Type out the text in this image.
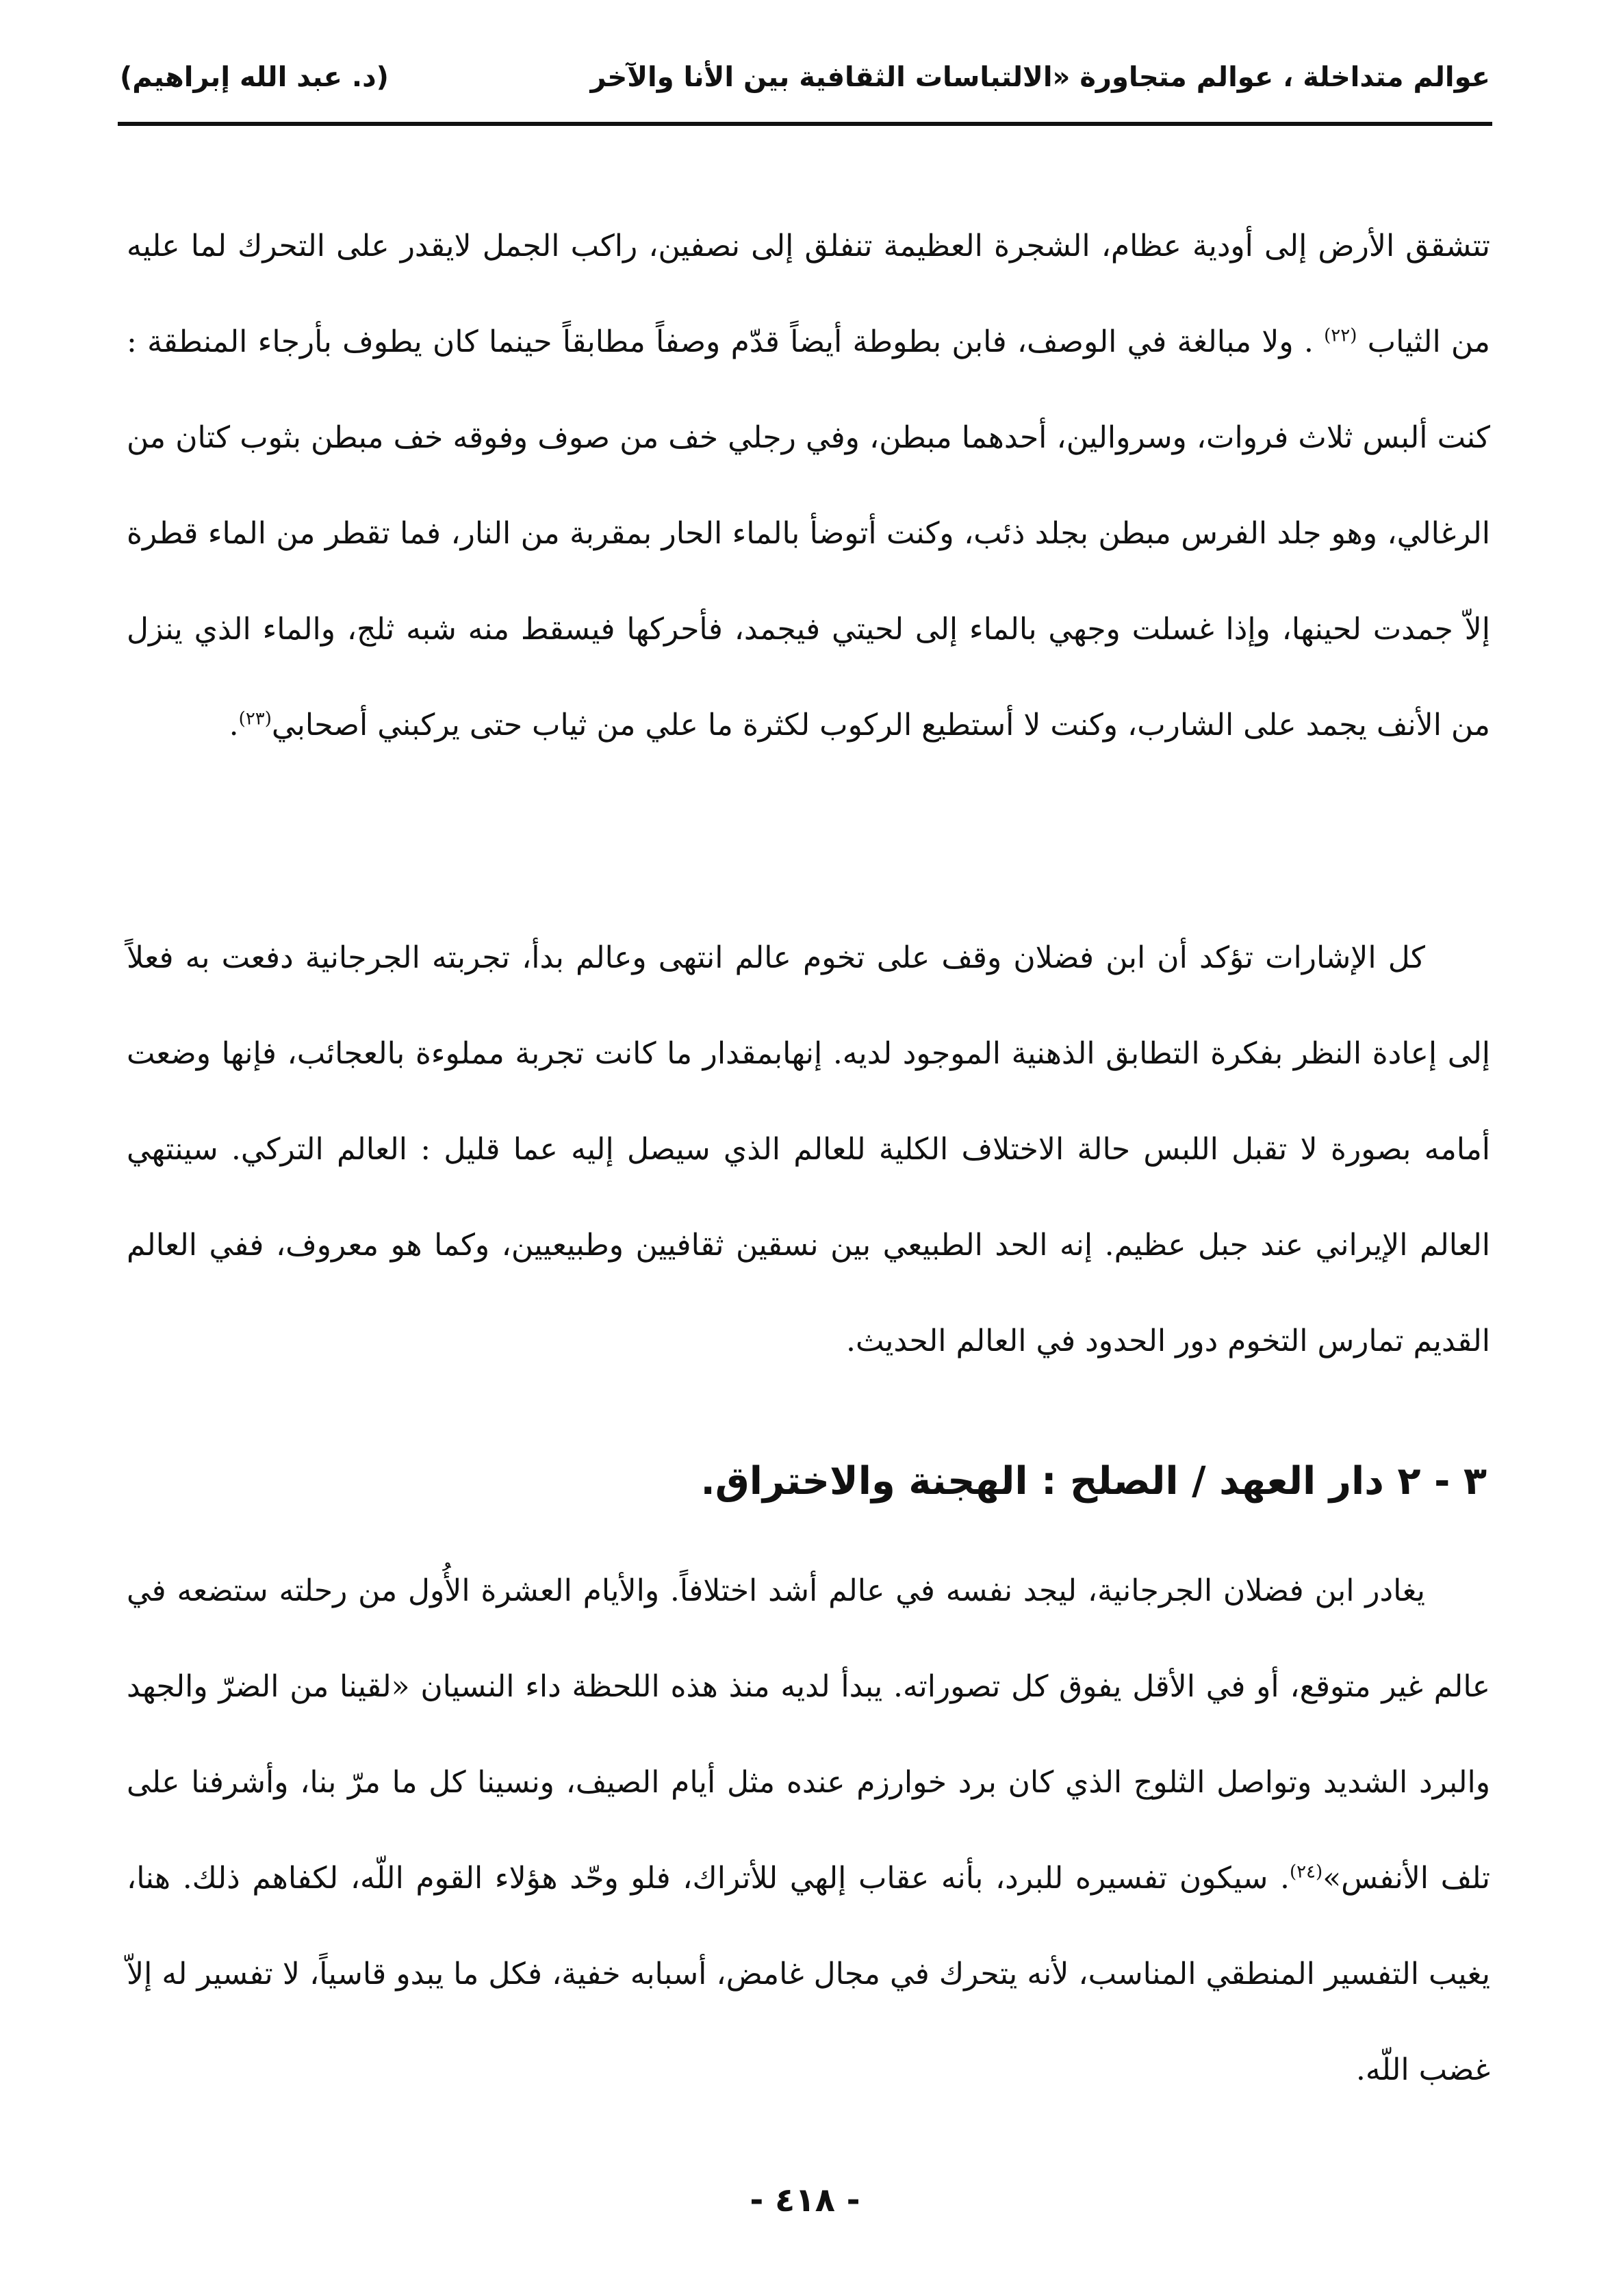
عوالم متداخلة ، عوالم متجاورة «الالتباسات الثقافية بين الأنا والآخر
(د. عبد الله إبراهيم)
تتشقق الأرض إلى أودية عظام، الشجرة العظيمة تنفلق إلى نصفين، راكب الجمل لايقدر على التحرك لما عليه من الثياب $^{(٢٢)}$ . ولا مبالغة في الوصف، فابن بطوطة أيضاً قدّم وصفاً مطابقاً حينما كان يطوف بأرجاء المنطقة : كنت ألبس ثلاث فروات، وسروالين، أحدهما مبطن، وفي رجلي خف من صوف وفوقه خف مبطن بثوب كتان من الرغالي، وهو جلد الفرس مبطن بجلد ذئب، وكنت أتوضأ بالماء الحار بمقربة من النار، فما تقطر من الماء قطرة إلاّ جمدت لحينها، وإذا غسلت وجهي بالماء إلى لحيتي فيجمد، فأحركها فيسقط منه شبه ثلج، والماء الذي ينزل من الأنف يجمد على الشارب، وكنت لا أستطيع الركوب لكثرة ما علي من ثياب حتى يركبني أصحابي$^{(٢٣)}$.
كل الإشارات تؤكد أن ابن فضلان وقف على تخوم عالم انتهى وعالم بدأ، تجربته الجرجانية دفعت به فعلاً إلى إعادة النظر بفكرة التطابق الذهنية الموجود لديه. إنهابمقدار ما كانت تجربة مملوءة بالعجائب، فإنها وضعت أمامه بصورة لا تقبل اللبس حالة الاختلاف الكلية للعالم الذي سيصل إليه عما قليل : العالم التركي. سينتهي العالم الإيراني عند جبل عظيم. إنه الحد الطبيعي بين نسقين ثقافيين وطبيعيين، وكما هو معروف، ففي العالم القديم تمارس التخوم دور الحدود في العالم الحديث.
٣ - ٢ دار العهد / الصلح : الهجنة والاختراق.
يغادر ابن فضلان الجرجانية، ليجد نفسه في عالم أشد اختلافاً. والأيام العشرة الأُول من رحلته ستضعه في عالم غير متوقع، أو في الأقل يفوق كل تصوراته. يبدأ لديه منذ هذه اللحظة داء النسيان «لقينا من الضرّ والجهد والبرد الشديد وتواصل الثلوج الذي كان برد خوارزم عنده مثل أيام الصيف، ونسينا كل ما مرّ بنا، وأشرفنا على تلف الأنفس»$^{(٢٤)}$. سيكون تفسيره للبرد، بأنه عقاب إلهي للأتراك، فلو وحّد هؤلاء القوم اللّه، لكفاهم ذلك. هنا، يغيب التفسير المنطقي المناسب، لأنه يتحرك في مجال غامض، أسبابه خفية، فكل ما يبدو قاسياً، لا تفسير له إلاّ غضب اللّه.
- ٤١٨ -
